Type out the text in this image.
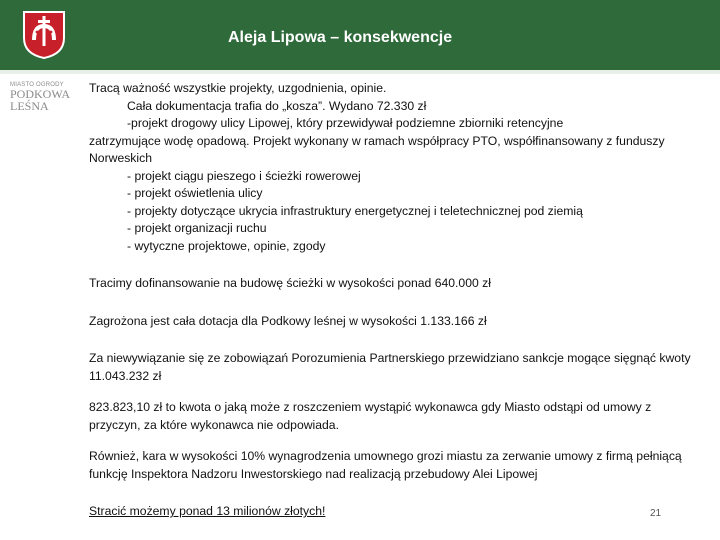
Aleja Lipowa – konsekwencje
MIASTO OGRODY
PODKOWA
LEŚNA

Tracą ważność wszystkie projekty, uzgodnienia, opinie.

Cała dokumentacja trafia do „kosza”. Wydano 72.330 zł

-projekt drogowy ulicy Lipowej, który przewidywał podziemne zbiorniki retencyjne

zatrzymujące wodę opadową. Projekt wykonany w ramach współpracy PTO, współfinansowany z funduszy Norweskich

- projekt ciągu pieszego i ścieżki rowerowej

- projekt oświetlenia ulicy

- projekty dotyczące ukrycia infrastruktury energetycznej i teletechnicznej pod ziemią

- projekt organizacji ruchu

- wytyczne projektowe, opinie, zgody

Tracimy dofinansowanie na budowę ścieżki w wysokości ponad 640.000 zł

Zagrożona jest cała dotacja dla Podkowy leśnej w wysokości 1.133.166 zł

Za niewywiązanie się ze zobowiązań Porozumienia Partnerskiego przewidziano sankcje mogące sięgnąć kwoty 11.043.232 zł

823.823,10 zł to kwota o jaką może z roszczeniem wystąpić wykonawca gdy Miasto odstąpi od umowy z przyczyn, za które wykonawca nie odpowiada.

Również, kara w wysokości 10% wynagrodzenia umownego grozi miastu za zerwanie umowy z firmą pełniącą funkcję Inspektora Nadzoru Inwestorskiego nad realizacją przebudowy Alei Lipowej

Stracić możemy ponad 13 milionów złotych!	21
